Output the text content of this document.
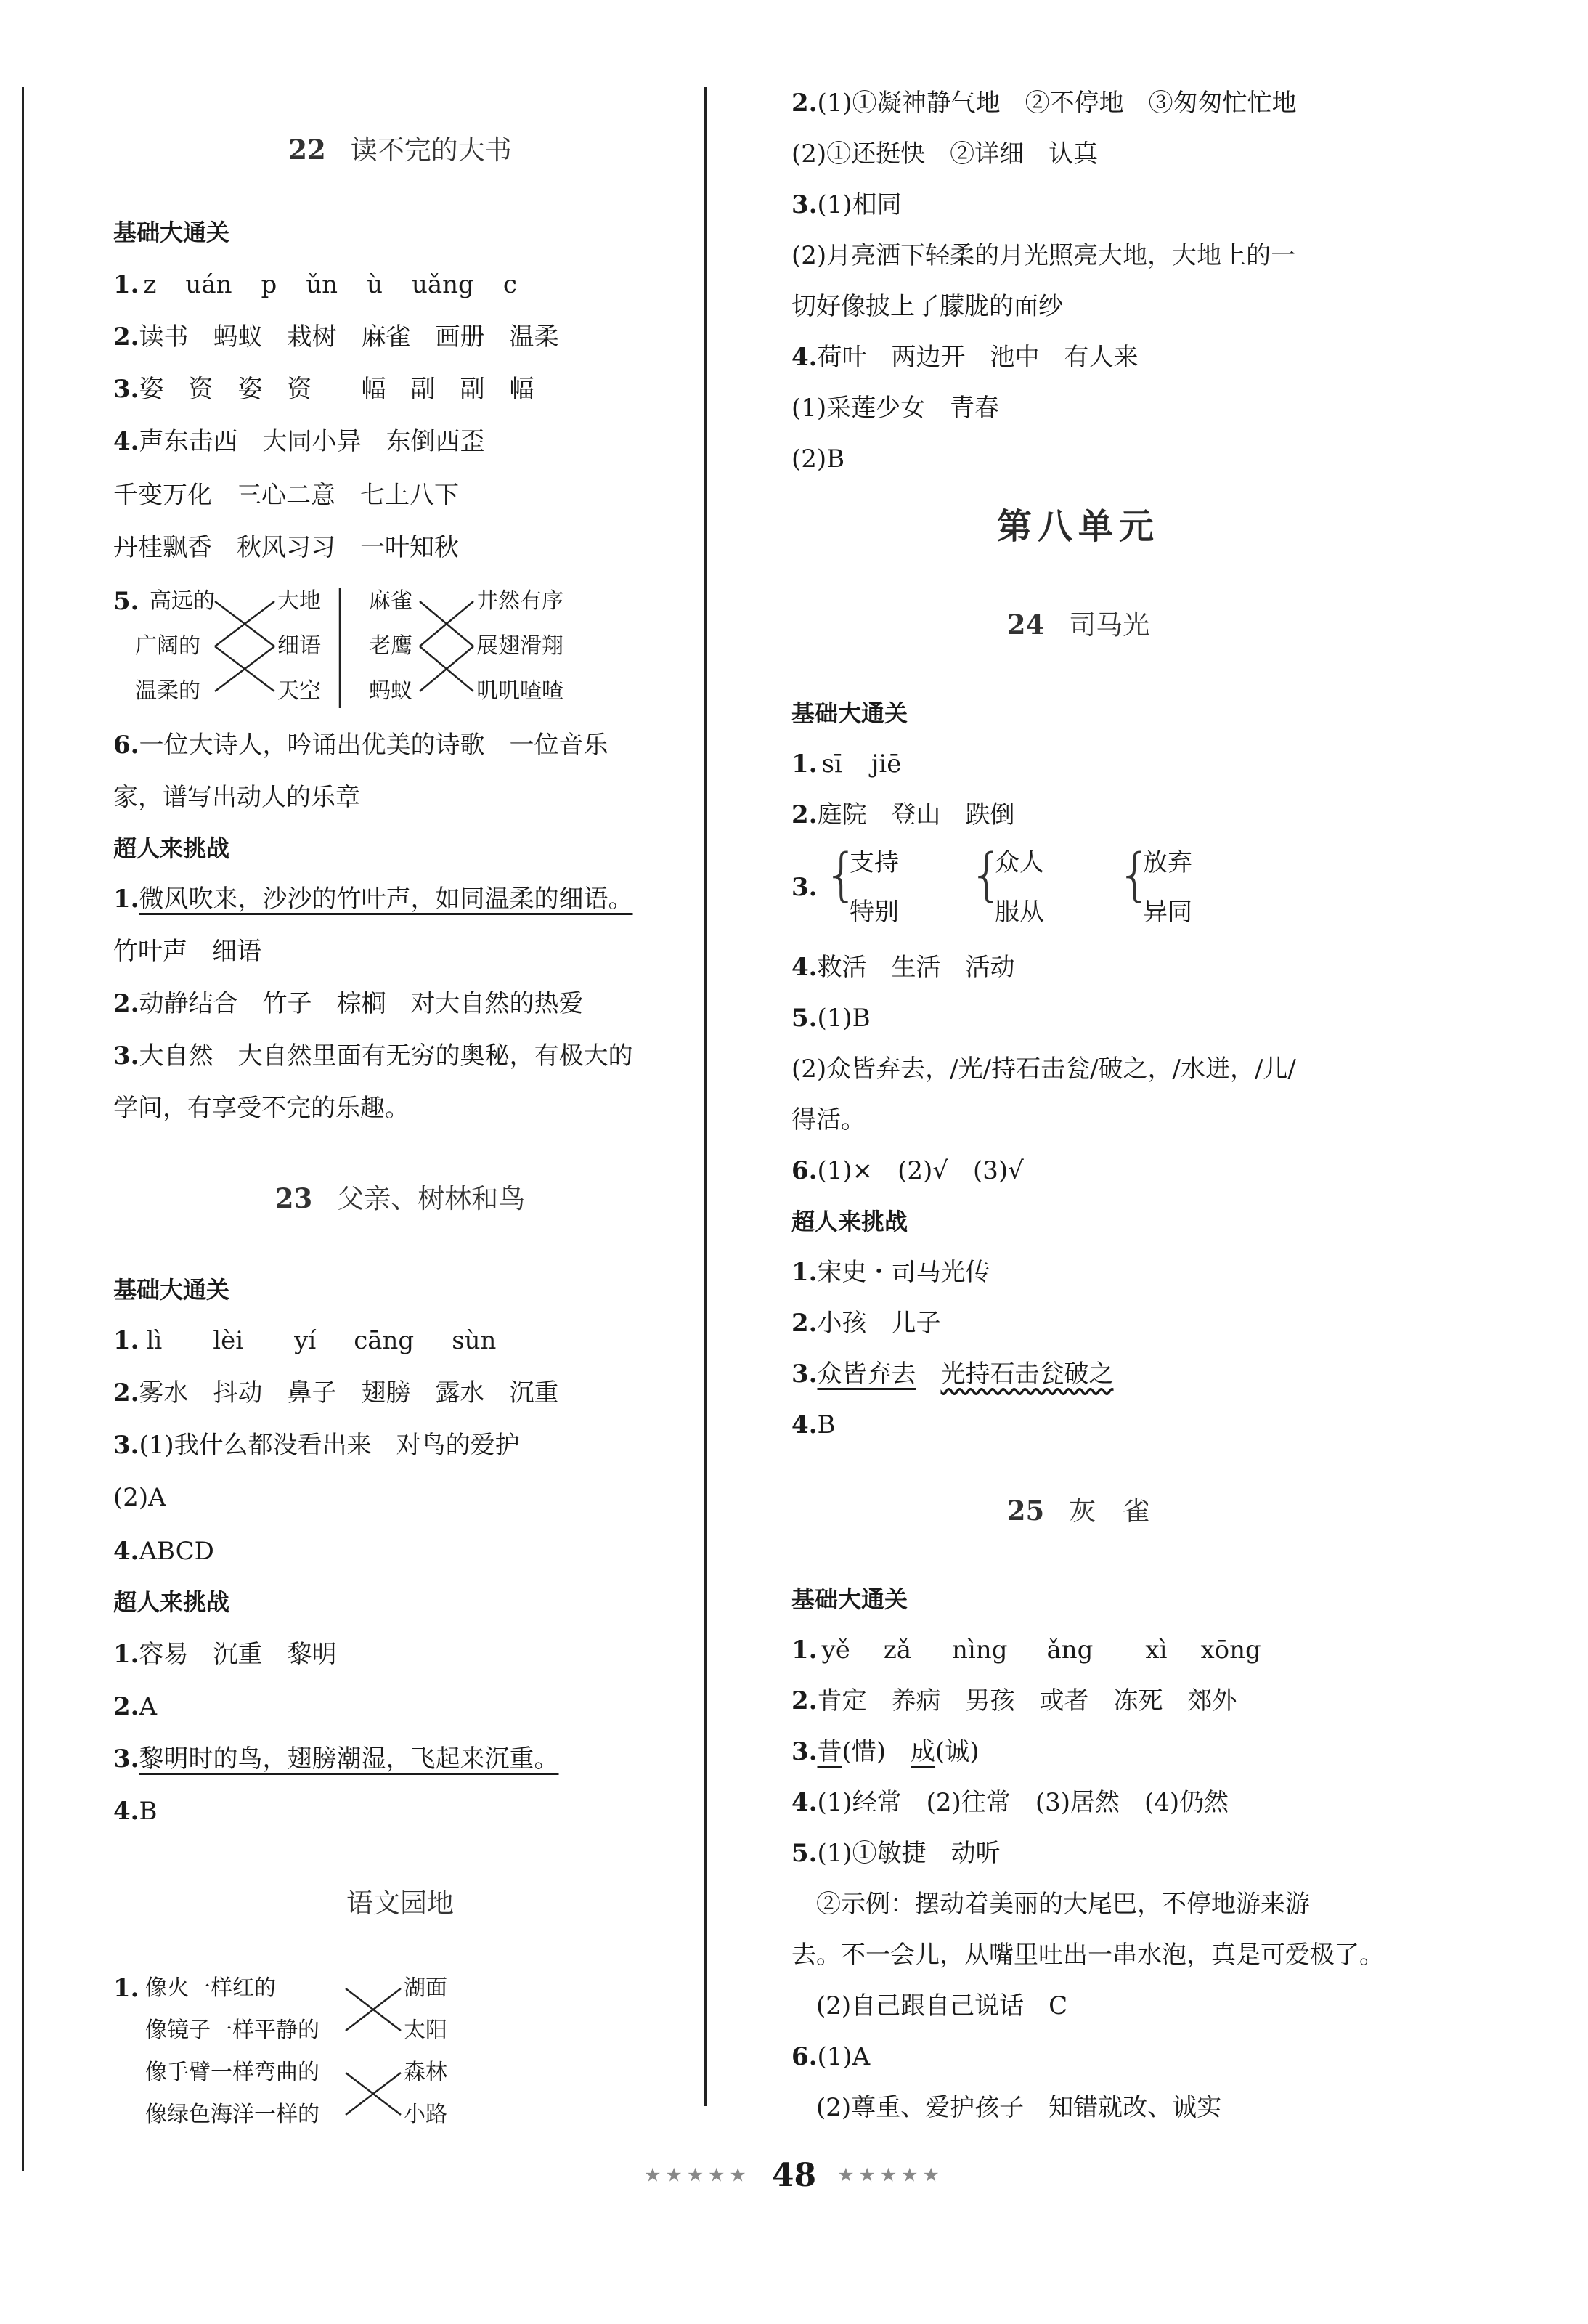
22 读不完的大书
基础大通关
1. z uán p ǔn ù uǎng c
2.读书　蚂蚁　栽树　麻雀　画册　温柔
3.姿　资　姿　资　　幅　副　副　幅
4.声东击西　大同小异　东倒西歪
千变万化　三心二意　七上八下
丹桂飘香　秋风习习　一叶知秋
5. 高远的
广阔的
温柔的
大地
细语
天空
麻雀
老鹰
蚂蚁
井然有序
展翅滑翔
叽叽喳喳
6.一位大诗人，吟诵出优美的诗歌　一位音乐
家，谱写出动人的乐章
超人来挑战
1.微风吹来，沙沙的竹叶声，如同温柔的细语。
竹叶声　细语
2.动静结合　竹子　棕榈　对大自然的热爱
3.大自然　大自然里面有无穷的奥秘，有极大的
学问，有享受不完的乐趣。
23 父亲、树林和鸟
基础大通关
1. lì lèi yí cāng sùn
2.雾水　抖动　鼻子　翅膀　露水　沉重
3.(1)我什么都没看出来　对鸟的爱护
(2)A
4.ABCD
超人来挑战
1.容易　沉重　黎明
2.A
3.黎明时的鸟，翅膀潮湿，飞起来沉重。
4.B
语文园地
1. 像火一样红的
像镜子一样平静的
像手臂一样弯曲的
像绿色海洋一样的
湖面
太阳
森林
小路
2.(1)①凝神静气地　②不停地　③匆匆忙忙地
(2)①还挺快　②详细　认真
3.(1)相同
(2)月亮洒下轻柔的月光照亮大地，大地上的一
切好像披上了朦胧的面纱
4.荷叶　两边开　池中　有人来
(1)采莲少女　青春
(2)B
第八单元
24 司马光
基础大通关
1. sī jiē
2.庭院　登山　跌倒
3. { { {
支持
特别
众人
服从
放弃
异同
4.救活　生活　活动
5.(1)B
(2)众皆弃去，/光/持石击瓮/破之，/水迸，/儿/
得活。
6.(1)×　(2)√　(3)√
超人来挑战
1.宋史・司马光传
2.小孩　儿子
3.众皆弃去 光持石击瓮破之
4.B
25 灰　雀
基础大通关
1. yě zǎ nìng ǎng xì xōng
2.肯定　养病　男孩　或者　冻死　郊外
3.昔(惜) 成(诚)
4.(1)经常　(2)往常　(3)居然　(4)仍然
5.(1)①敏捷　动听
②示例：摆动着美丽的大尾巴，不停地游来游
去。不一会儿，从嘴里吐出一串水泡，真是可爱极了。
(2)自己跟自己说话　C
6.(1)A
(2)尊重、爱护孩子　知错就改、诚实
★★★★★ 48 ★★★★★
